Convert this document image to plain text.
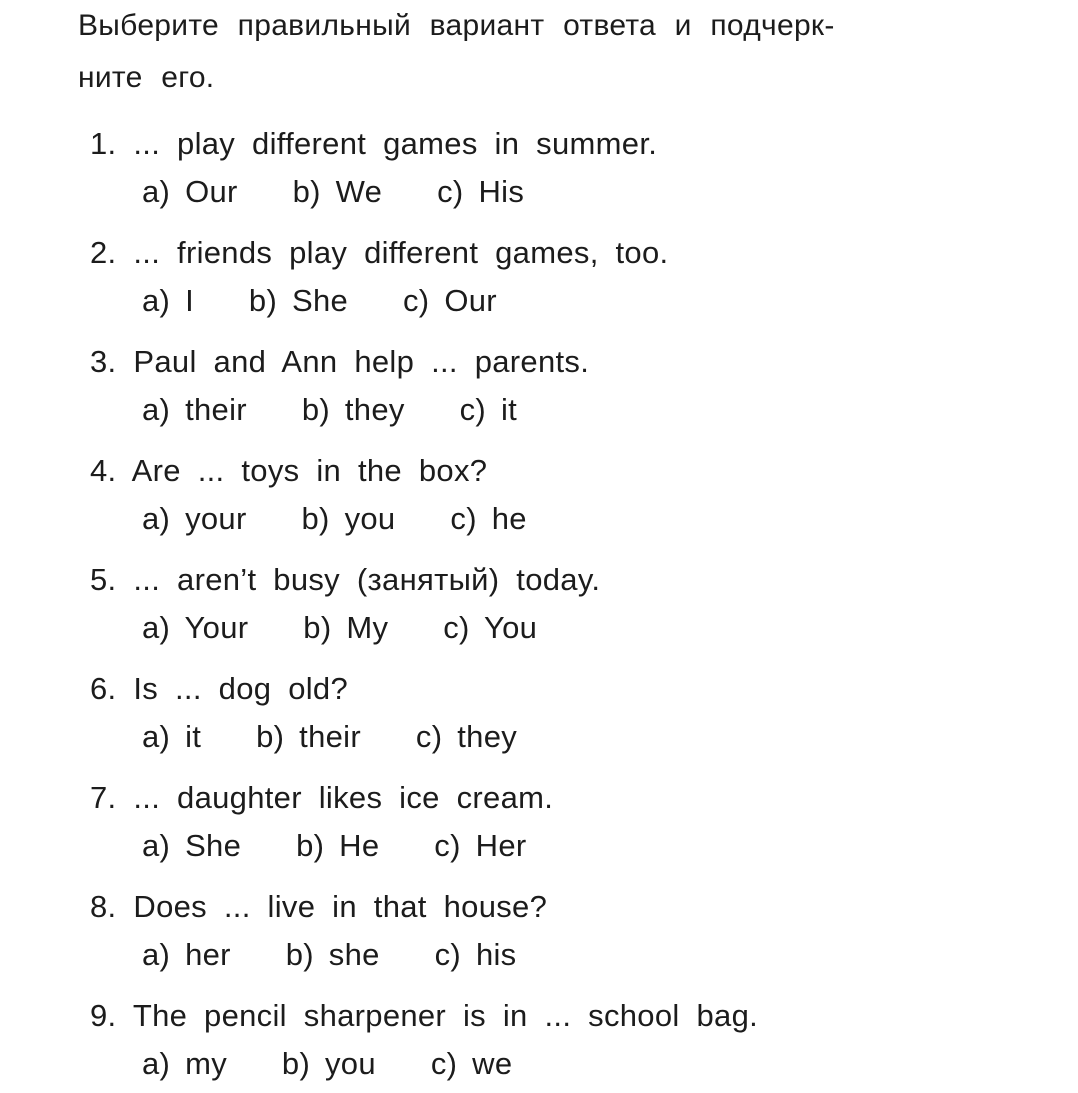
Выберите правильный вариант ответа и подчерк-
ните его.
1. ... play different games in summer.
a) Our b) We c) His
2. ... friends play different games, too.
a) I b) She c) Our
3. Paul and Ann help ... parents.
a) their b) they c) it
4. Are ... toys in the box?
a) your b) you c) he
5. ... aren’t busy (занятый) today.
a) Your b) My c) You
6. Is ... dog old?
a) it b) their c) they
7. ... daughter likes ice cream.
a) She b) He c) Her
8. Does ... live in that house?
a) her b) she c) his
9. The pencil sharpener is in ... school bag.
a) my b) you c) we
